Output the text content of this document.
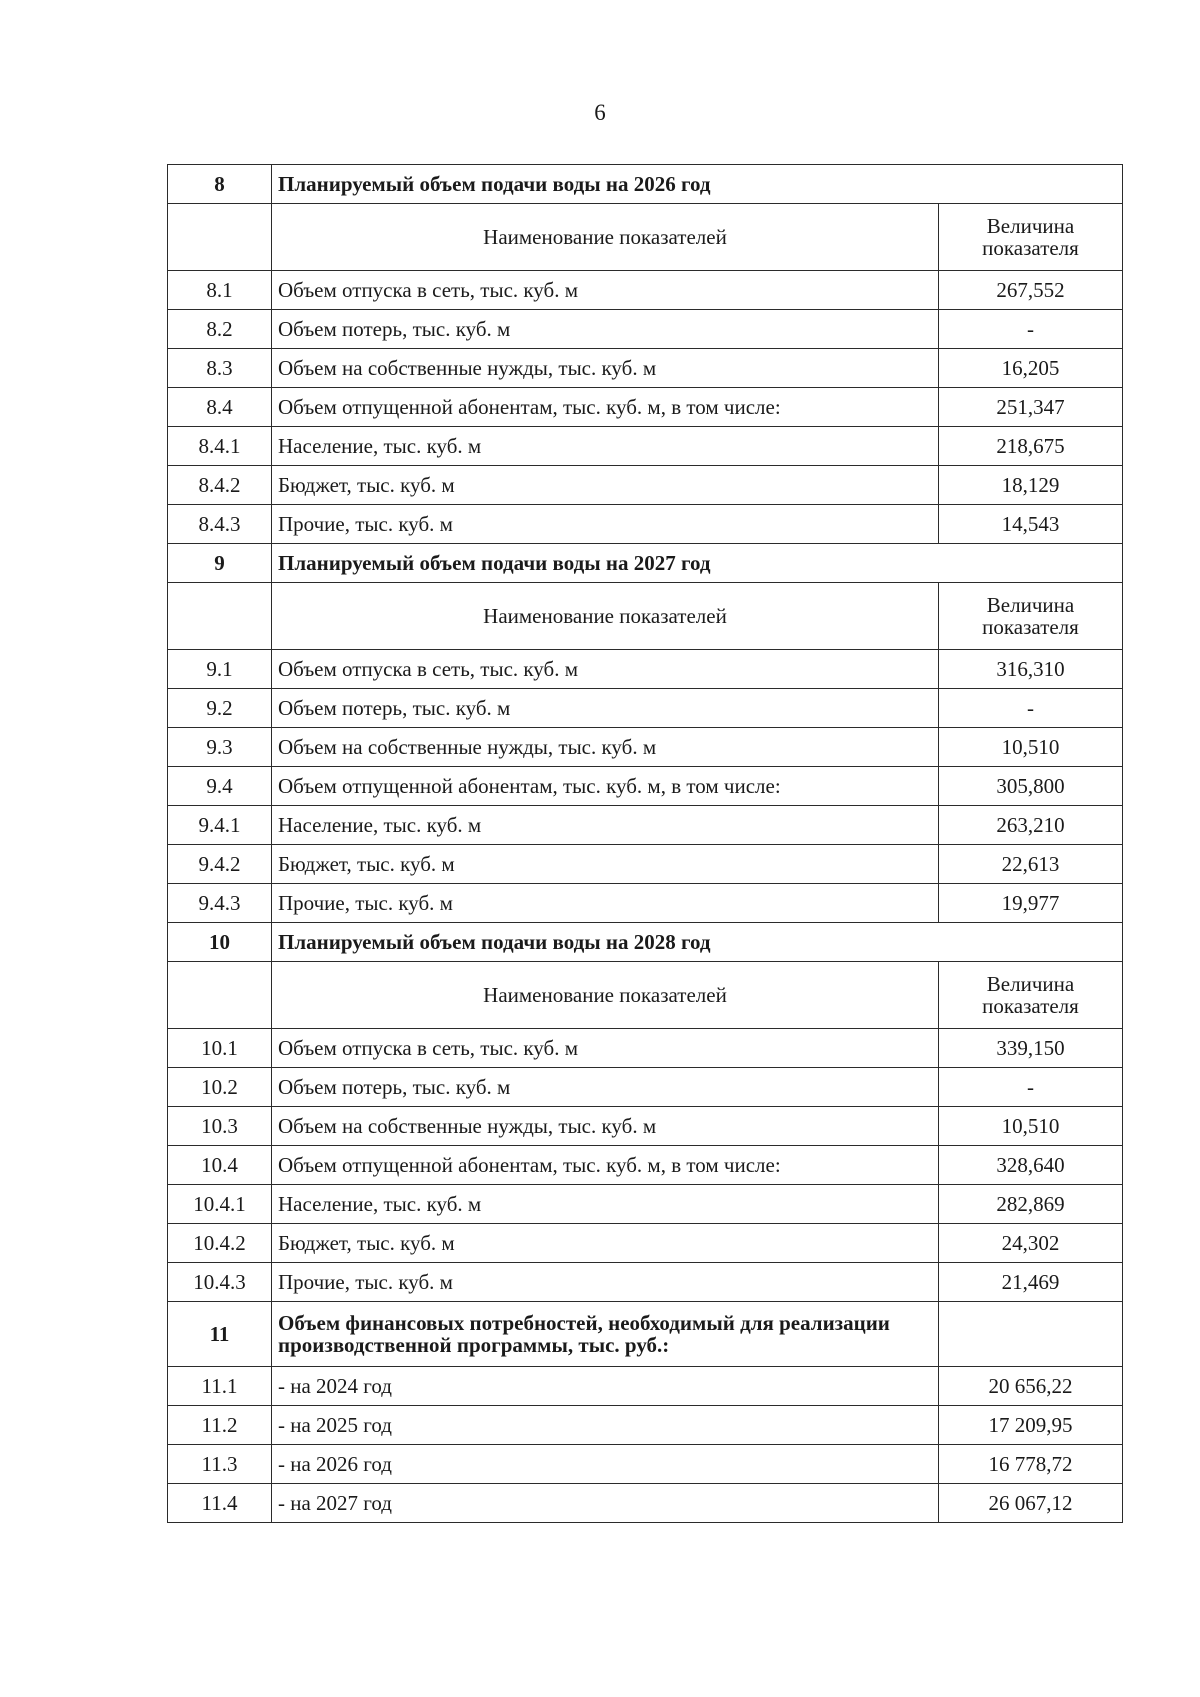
6
8	Планируемый объем подачи воды на 2026 год	
	Наименование показателей	Величина показателя
8.1	Объем отпуска в сеть, тыс. куб. м	267,552
8.2	Объем потерь, тыс. куб. м	-
8.3	Объем на собственные нужды, тыс. куб. м	16,205
8.4	Объем отпущенной абонентам, тыс. куб. м, в том числе:	251,347
8.4.1	Население, тыс. куб. м	218,675
8.4.2	Бюджет, тыс. куб. м	18,129
8.4.3	Прочие, тыс. куб. м	14,543
9	Планируемый объем подачи воды на 2027 год	
	Наименование показателей	Величина показателя
9.1	Объем отпуска в сеть, тыс. куб. м	316,310
9.2	Объем потерь, тыс. куб. м	-
9.3	Объем на собственные нужды, тыс. куб. м	10,510
9.4	Объем отпущенной абонентам, тыс. куб. м, в том числе:	305,800
9.4.1	Население, тыс. куб. м	263,210
9.4.2	Бюджет, тыс. куб. м	22,613
9.4.3	Прочие, тыс. куб. м	19,977
10	Планируемый объем подачи воды на 2028 год	
	Наименование показателей	Величина показателя
10.1	Объем отпуска в сеть, тыс. куб. м	339,150
10.2	Объем потерь, тыс. куб. м	-
10.3	Объем на собственные нужды, тыс. куб. м	10,510
10.4	Объем отпущенной абонентам, тыс. куб. м, в том числе:	328,640
10.4.1	Население, тыс. куб. м	282,869
10.4.2	Бюджет, тыс. куб. м	24,302
10.4.3	Прочие, тыс. куб. м	21,469
11	Объем финансовых потребностей, необходимый для реализации производственной программы, тыс. руб.:	
11.1	- на 2024 год	20 656,22
11.2	- на 2025 год	17 209,95
11.3	- на 2026 год	16 778,72
11.4	- на 2027 год	26 067,12
